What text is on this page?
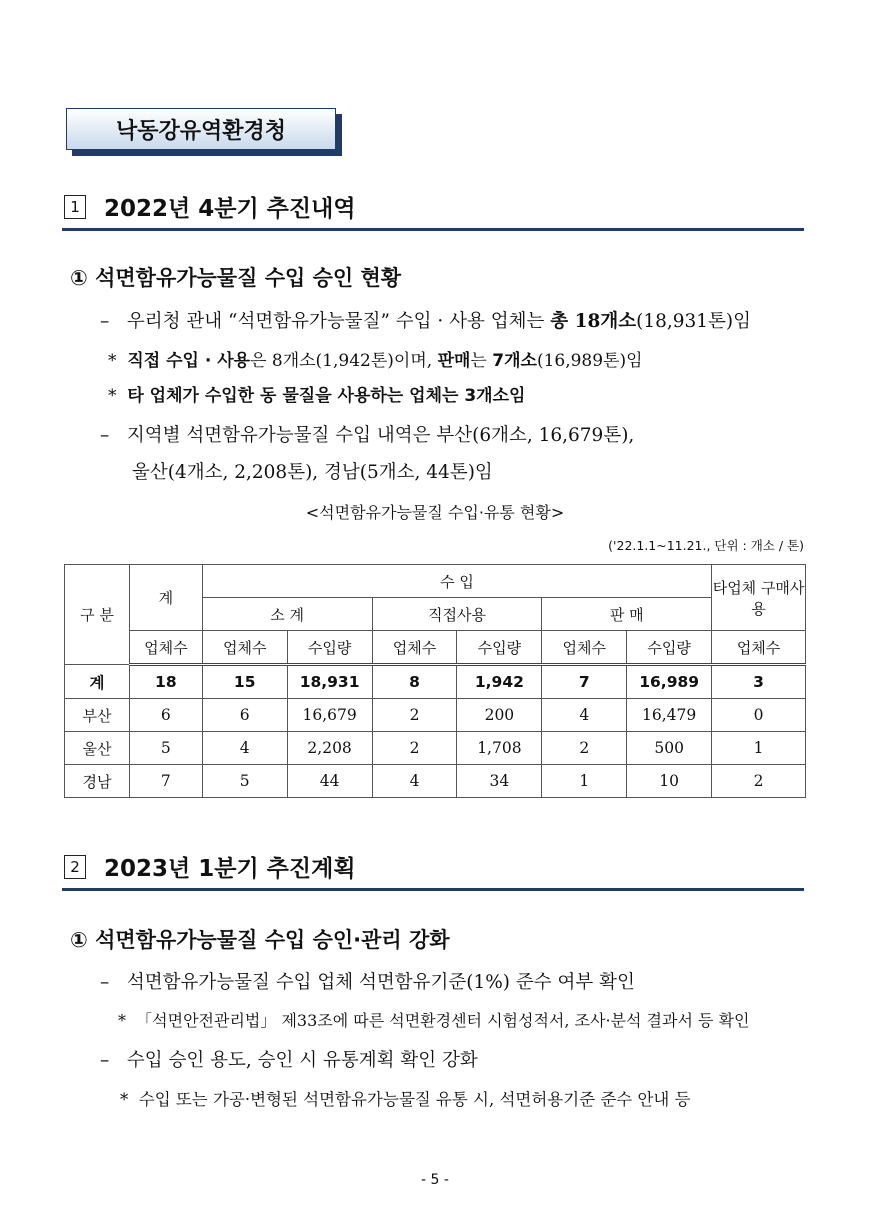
낙동강유역환경청
1 2022년 4분기 추진내역
① 석면함유가능물질 수입 승인 현황
– 우리청 관내 “석면함유가능물질” 수입 · 사용 업체는 총 18개소(18,931톤)임
* 직접 수입 · 사용은 8개소(1,942톤)이며, 판매는 7개소(16,989톤)임
* 타 업체가 수입한 동 물질을 사용하는 업체는 3개소임
– 지역별 석면함유가능물질 수입 내역은 부산(6개소, 16,679톤),
울산(4개소, 2,208톤), 경남(5개소, 44톤)임
<석면함유가능물질 수입·유통 현황>
('22.1.1~11.21., 단위 : 개소 / 톤)
구 분	계	수 입						타업체 구매사용
		소 계		직접사용		판 매		
	업체수	업체수	수입량	업체수	수입량	업체수	수입량	업체수
계	18	15	18,931	8	1,942	7	16,989	3
부산	6	6	16,679	2	200	4	16,479	0
울산	5	4	2,208	2	1,708	2	500	1
경남	7	5	44	4	34	1	10	2
2 2023년 1분기 추진계획
① 석면함유가능물질 수입 승인·관리 강화
– 석면함유가능물질 수입 업체 석면함유기준(1%) 준수 여부 확인
* 「석면안전관리법」 제33조에 따른 석면환경센터 시험성적서, 조사·분석 결과서 등 확인
– 수입 승인 용도, 승인 시 유통계획 확인 강화
* 수입 또는 가공·변형된 석면함유가능물질 유통 시, 석면허용기준 준수 안내 등
- 5 -
